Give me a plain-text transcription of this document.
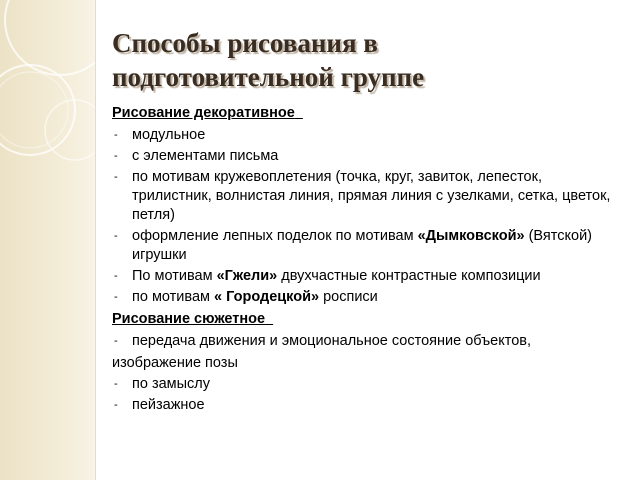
Способы рисования в
подготовительной группе
Рисование декоративное
- модульное
- с элементами письма
- по мотивам кружевоплетения (точка, круг, завиток, лепесток, трилистник, волнистая линия, прямая линия с узелками, сетка, цветок, петля)
- оформление лепных поделок по мотивам «Дымковской» (Вятской) игрушки
- По мотивам «Гжели» двухчастные контрастные композиции
- по мотивам « Городецкой» росписи
Рисование сюжетное
- передача движения и эмоциональное состояние объектов,
изображение позы
- по замыслу
- пейзажное
